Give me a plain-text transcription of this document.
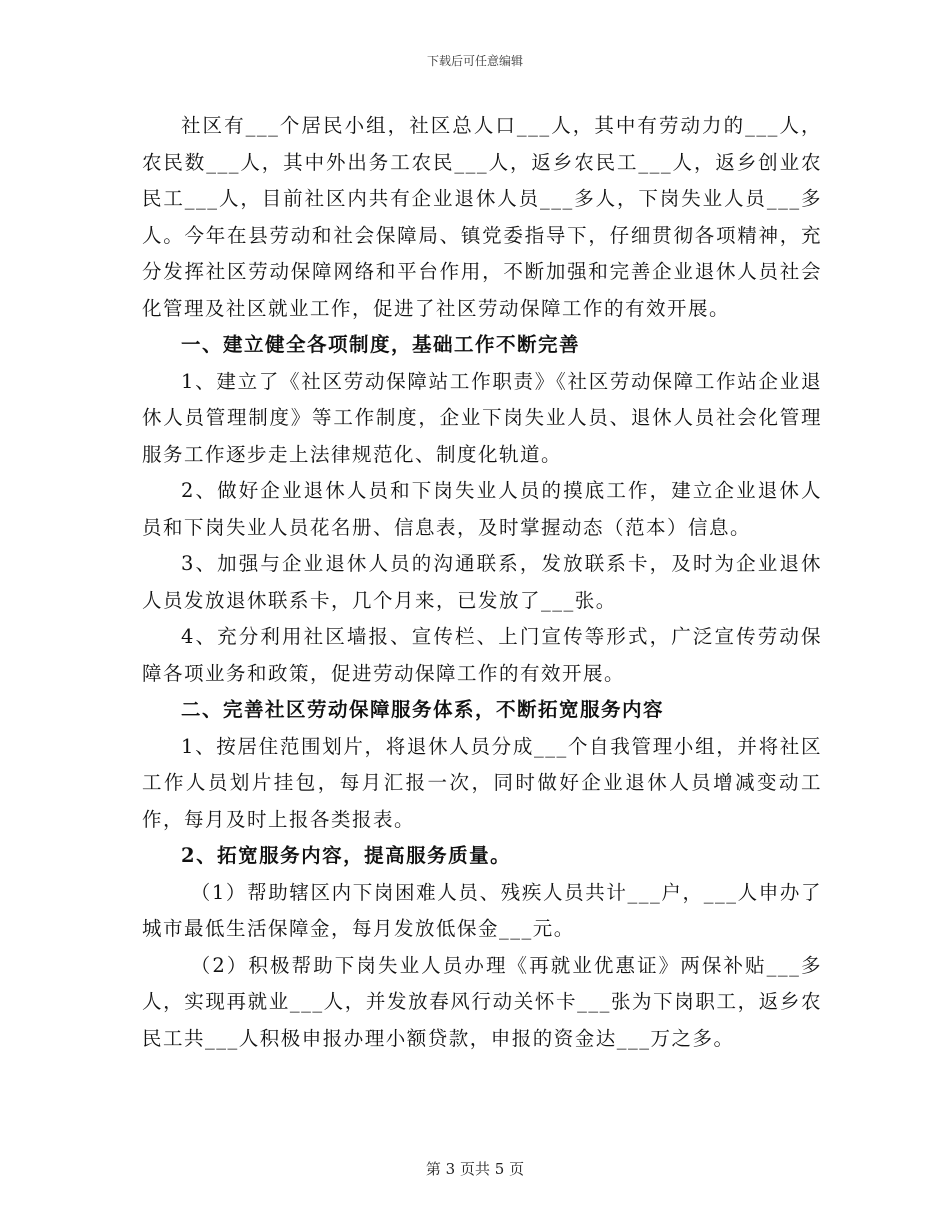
下载后可任意编辑

社区有___个居民小组，社区总人口___人，其中有劳动力的___人，农民数___人，其中外出务工农民___人，返乡农民工___人，返乡创业农民工___人，目前社区内共有企业退休人员___多人，下岗失业人员___多人。今年在县劳动和社会保障局、镇党委指导下，仔细贯彻各项精神，充分发挥社区劳动保障网络和平台作用，不断加强和完善企业退休人员社会化管理及社区就业工作，促进了社区劳动保障工作的有效开展。

一、建立健全各项制度，基础工作不断完善

1、建立了《社区劳动保障站工作职责》《社区劳动保障工作站企业退休人员管理制度》等工作制度，企业下岗失业人员、退休人员社会化管理服务工作逐步走上法律规范化、制度化轨道。

2、做好企业退休人员和下岗失业人员的摸底工作，建立企业退休人员和下岗失业人员花名册、信息表，及时掌握动态（范本）信息。

3、加强与企业退休人员的沟通联系，发放联系卡，及时为企业退休人员发放退休联系卡，几个月来，已发放了___张。

4、充分利用社区墙报、宣传栏、上门宣传等形式，广泛宣传劳动保障各项业务和政策，促进劳动保障工作的有效开展。

二、完善社区劳动保障服务体系，不断拓宽服务内容

1、按居住范围划片，将退休人员分成___个自我管理小组，并将社区工作人员划片挂包，每月汇报一次，同时做好企业退休人员增减变动工作，每月及时上报各类报表。

2、拓宽服务内容，提高服务质量。

（1）帮助辖区内下岗困难人员、残疾人员共计___户，___人申办了城市最低生活保障金，每月发放低保金___元。

（2）积极帮助下岗失业人员办理《再就业优惠证》两保补贴___多人，实现再就业___人，并发放春风行动关怀卡___张为下岗职工，返乡农民工共___人积极申报办理小额贷款，申报的资金达___万之多。

第 3 页共 5 页
